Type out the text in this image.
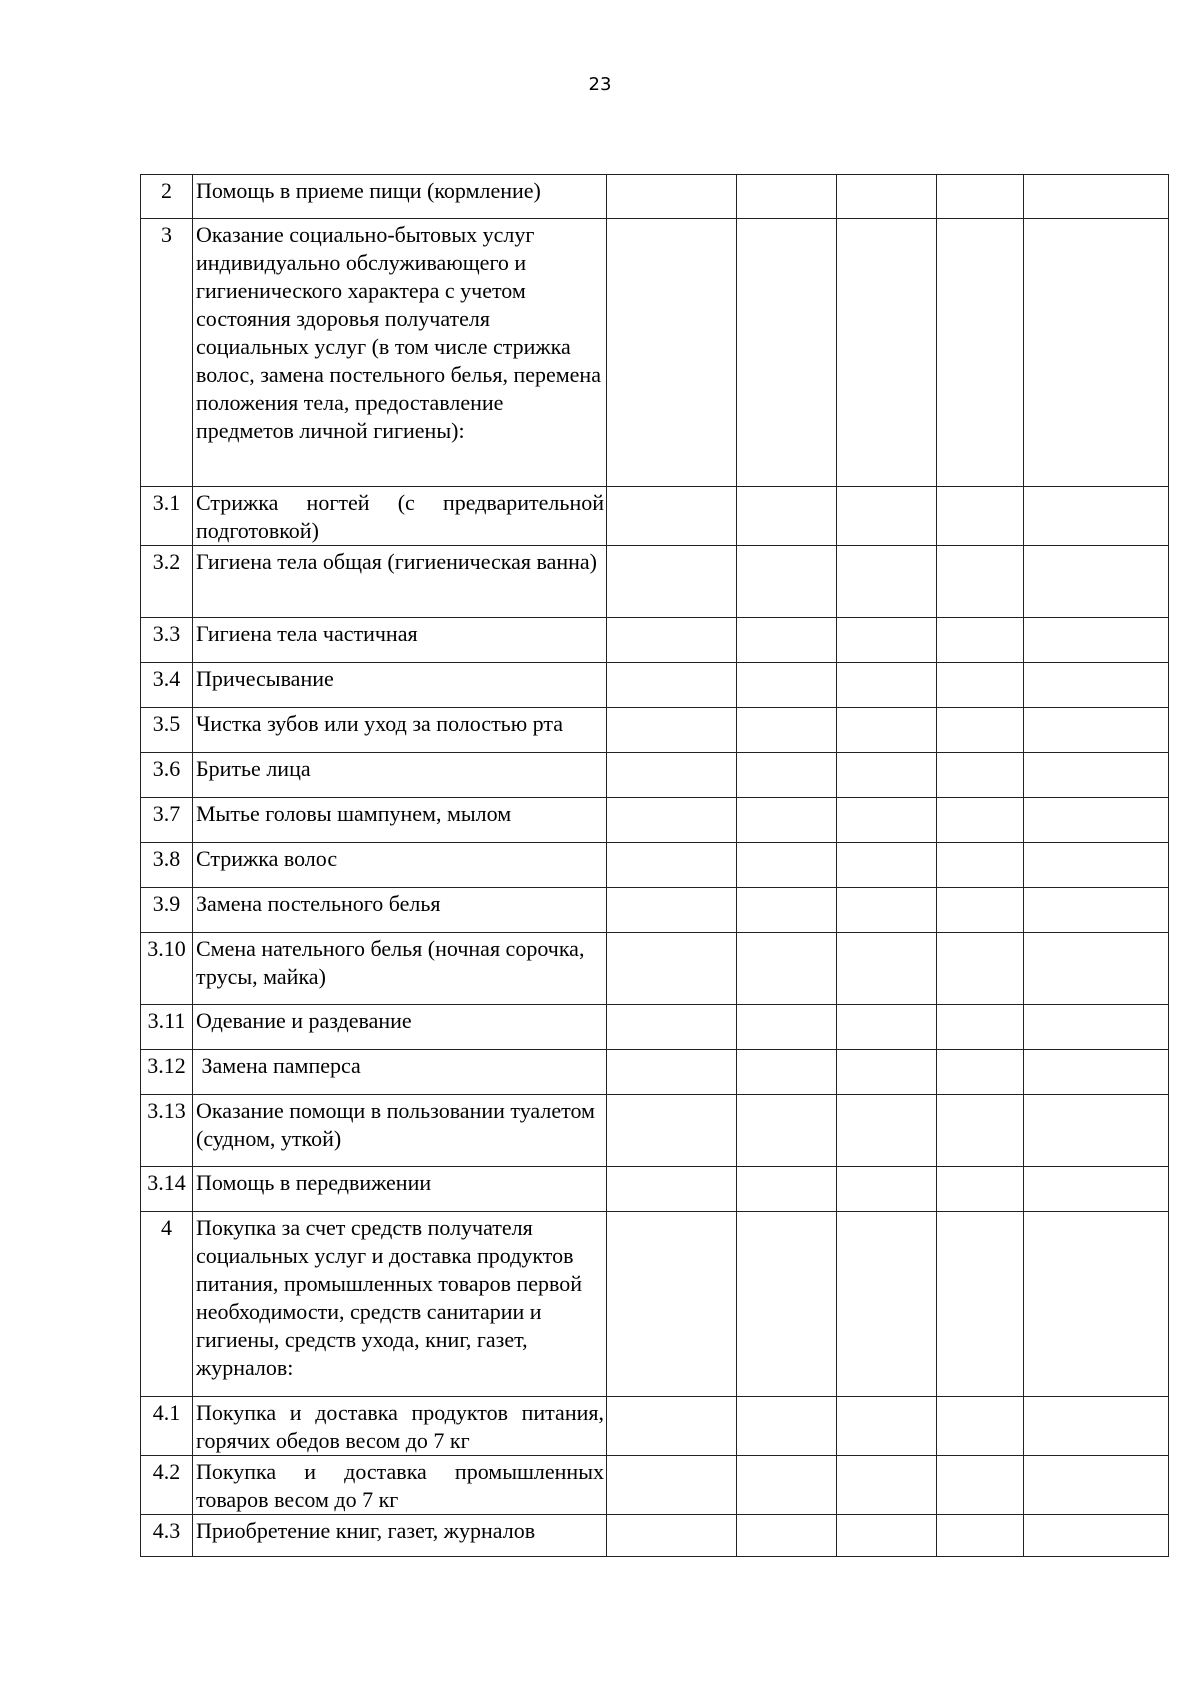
23
2	Помощь в приеме пищи (кормление)					
3	Оказание социально-бытовых услуг индивидуально обслуживающего и гигиенического характера с учетом состояния здоровья получателя социальных услуг (в том числе стрижка волос, замена постельного белья, перемена положения тела, предоставление предметов личной гигиены):					
3.1	Стрижка ногтей (с предварительной подготовкой)					
3.2	Гигиена тела общая (гигиеническая ванна)					
3.3	Гигиена тела частичная					
3.4	Причесывание					
3.5	Чистка зубов или уход за полостью рта					
3.6	Бритье лица					
3.7	Мытье головы шампунем, мылом					
3.8	Стрижка волос					
3.9	Замена постельного белья					
3.10	Смена нательного белья (ночная сорочка, трусы, майка)					
3.11	Одевание и раздевание					
3.12	Замена памперса					
3.13	Оказание помощи в пользовании туалетом (судном, уткой)					
3.14	Помощь в передвижении					
4	Покупка за счет средств получателя социальных услуг и доставка продуктов питания, промышленных товаров первой необходимости, средств санитарии и гигиены, средств ухода, книг, газет, журналов:					
4.1	Покупка и доставка продуктов питания, горячих обедов весом до 7 кг					
4.2	Покупка и доставка промышленных товаров весом до 7 кг					
4.3	Приобретение книг, газет, журналов					
